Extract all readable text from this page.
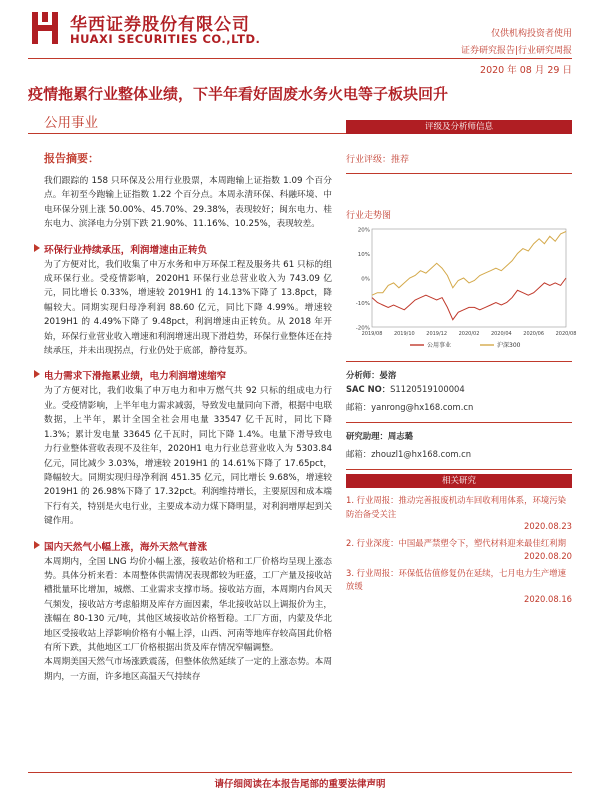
华西证券股份有限公司
HUAXI SECURITIES CO.,LTD.	仅供机构投资者使用
证券研究报告|行业研究周报
2020 年 08 月 29 日
疫情拖累行业整体业绩，下半年看好固废水务火电等子板块回升
公用事业
报告摘要：

我们跟踪的 158 只环保及公用行业股票，本周跑输上证指数 1.09 个百分点。年初至今跑输上证指数 1.22 个百分点。本周永清环保、科融环境、中电环保分别上涨 50.00%、45.70%、29.38%，表现较好；闽东电力、桂东电力、滨泽电力分别下跌 21.90%、11.16%、10.25%，表现较差。

环保行业持续承压，利润增速由正转负

为了方便对比，我们收集了申万水务和申万环保工程及服务共 61 只标的组成环保行业。受疫情影响，2020H1 环保行业总营业收入为 743.09 亿元，同比增长 0.33%，增速较 2019H1 的 14.13%下降了 13.8pct，降幅较大。同期实现归母净利润 88.60 亿元，同比下降 4.99%。增速较 2019H1 的 4.49%下降了 9.48pct，利润增速由正转负。从 2018 年开始，环保行业营业收入增速和利润增速出现下滑趋势，环保行业整体还在持续承压，并未出现拐点，行业仍处于底部，静待复苏。

电力需求下滑拖累业绩，电力利润增速缩窄

为了方便对比，我们收集了申万电力和申万燃气共 92 只标的组成电力行业。受疫情影响，上半年电力需求减弱，导致发电量同向下滑，根据中电联数据，上半年，累计全国全社会用电量 33547 亿千瓦时，同比下降 1.3%；累计发电量 33645 亿千瓦时，同比下降 1.4%。电量下滑导致电力行业整体营收表现不及往年，2020H1 电力行业总营业收入为 5303.84 亿元，同比减少 3.03%，增速较 2019H1 的 14.61%下降了 17.65pct，降幅较大。同期实现归母净利润 451.35 亿元，同比增长 9.68%，增速较 2019H1 的 26.98%下降了 17.32pct。利润维持增长，主要原因和成本端下行有关，特别是火电行业，主要成本动力煤下降明显，对利润增厚起到关键作用。

国内天然气小幅上涨，海外天然气普涨

本周期内，全国 LNG 均价小幅上涨，接收站价格和工厂价格均呈现上涨态势。具体分析来看：本周整体供需情况表现都较为旺盛，工厂产量及接收站槽批量环比增加，城燃、工业需求支撑市场。接收站方面，本周期内台风天气频发，接收站方考虑船期及库存方面因素，华北接收站以上调报价为主，涨幅在 80-130 元/吨，其他区域接收站价格暂稳。工厂方面，内蒙及华北地区受接收站上浮影响价格有小幅上浮，山西、河南等地库存较高国此价格有所下跌，其他地区工厂价格根据出货及库存情况窄幅调整。

本周期美国天然气市场涨跌震荡，但整体依然延续了一定的上涨态势。本周期内，一方面，许多地区高温天气持续存

评级及分析师信息
行业评级：推荐
行业走势图
20%
10%
0%
-10%
-20%
2019/08 2019/10 2019/12 2020/02 2020/04 2020/06 2020/08
公用事业	沪深300
分析师：晏溶
SAC NO：S1120519100004
邮箱：yanrong@hx168.com.cn
研究助理：周志璐
邮箱：zhouzl1@hx168.com.cn
相关研究
1. 行业周报：推动完善报废机动车回收利用体系，环境污染防治备受关注
2020.08.23
2. 行业深度：中国最严禁塑令下，塑代材料迎来最佳红利期
2020.08.20
3. 行业周报：环保低估值修复仍在延续，七月电力生产增速放缓
2020.08.16
请仔细阅读在本报告尾部的重要法律声明
